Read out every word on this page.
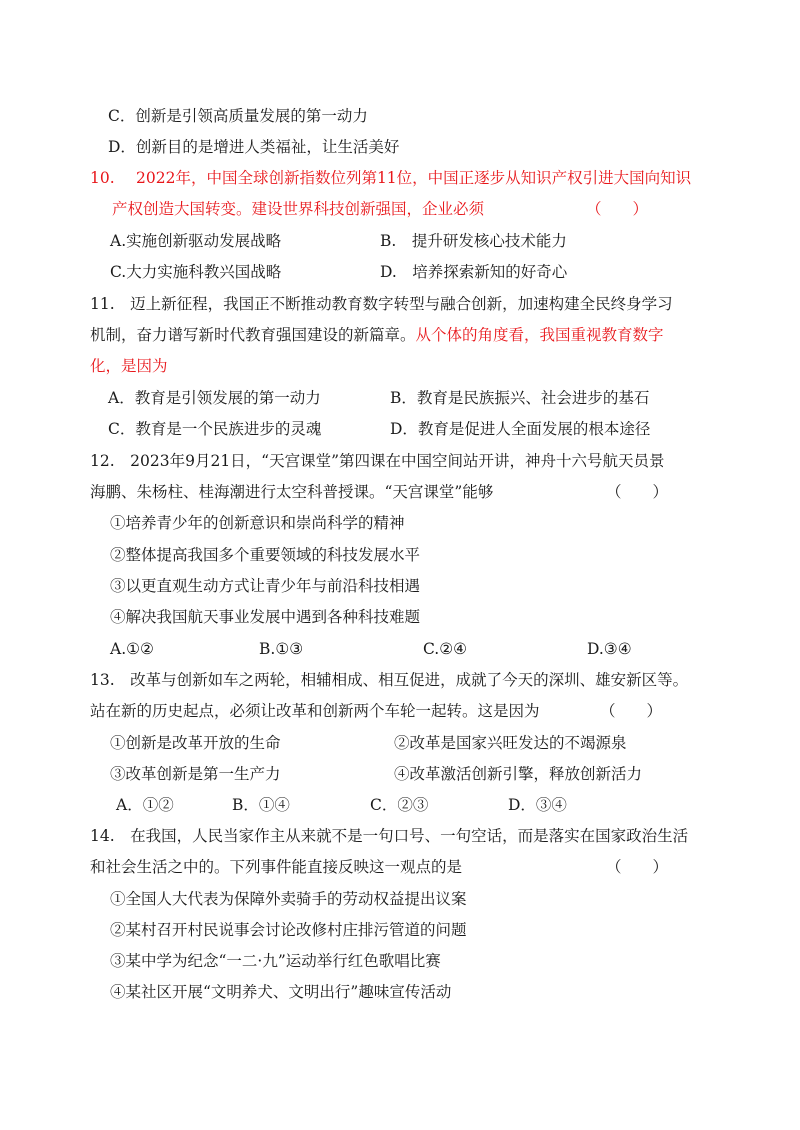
C．创新是引领高质量发展的第一动力
D．创新目的是增进人类福祉，让生活美好
10. 2022年，中国全球创新指数位列第11位，中国正逐步从知识产权引进大国向知识
产权创造大国转变。建设世界科技创新强国，企业必须	（　　）
A.实施创新驱动发展战略	B.　提升研发核心技术能力
C.大力实施科教兴国战略	D.　培养探索新知的好奇心
11.　迈上新征程，我国正不断推动教育数字转型与融合创新，加速构建全民终身学习
机制，奋力谱写新时代教育强国建设的新篇章。从个体的角度看，我国重视教育数字
化，是因为
A．教育是引领发展的第一动力	B．教育是民族振兴、社会进步的基石
C．教育是一个民族进步的灵魂	D．教育是促进人全面发展的根本途径
12.　2023年9月21日，“天宫课堂”第四课在中国空间站开讲，神舟十六号航天员景
海鹏、朱杨柱、桂海潮进行太空科普授课。“天宫课堂”能够	（　　）
①培养青少年的创新意识和崇尚科学的精神
②整体提高我国多个重要领域的科技发展水平
③以更直观生动方式让青少年与前沿科技相遇
④解决我国航天事业发展中遇到各种科技难题
A.①②	B.①③	C.②④	D.③④
13.　改革与创新如车之两轮，相辅相成、相互促进，成就了今天的深圳、雄安新区等。
站在新的历史起点，必须让改革和创新两个车轮一起转。这是因为	（　　）
①创新是改革开放的生命	②改革是国家兴旺发达的不竭源泉
③改革创新是第一生产力	④改革激活创新引擎，释放创新活力
A．①②	B．①④	C．②③	D．③④
14.　在我国，人民当家作主从来就不是一句口号、一句空话，而是落实在国家政治生活
和社会生活之中的。下列事件能直接反映这一观点的是	（　　）
①全国人大代表为保障外卖骑手的劳动权益提出议案
②某村召开村民说事会讨论改修村庄排污管道的问题
③某中学为纪念“一二·九”运动举行红色歌唱比赛
④某社区开展“文明养犬、文明出行”趣味宣传活动
